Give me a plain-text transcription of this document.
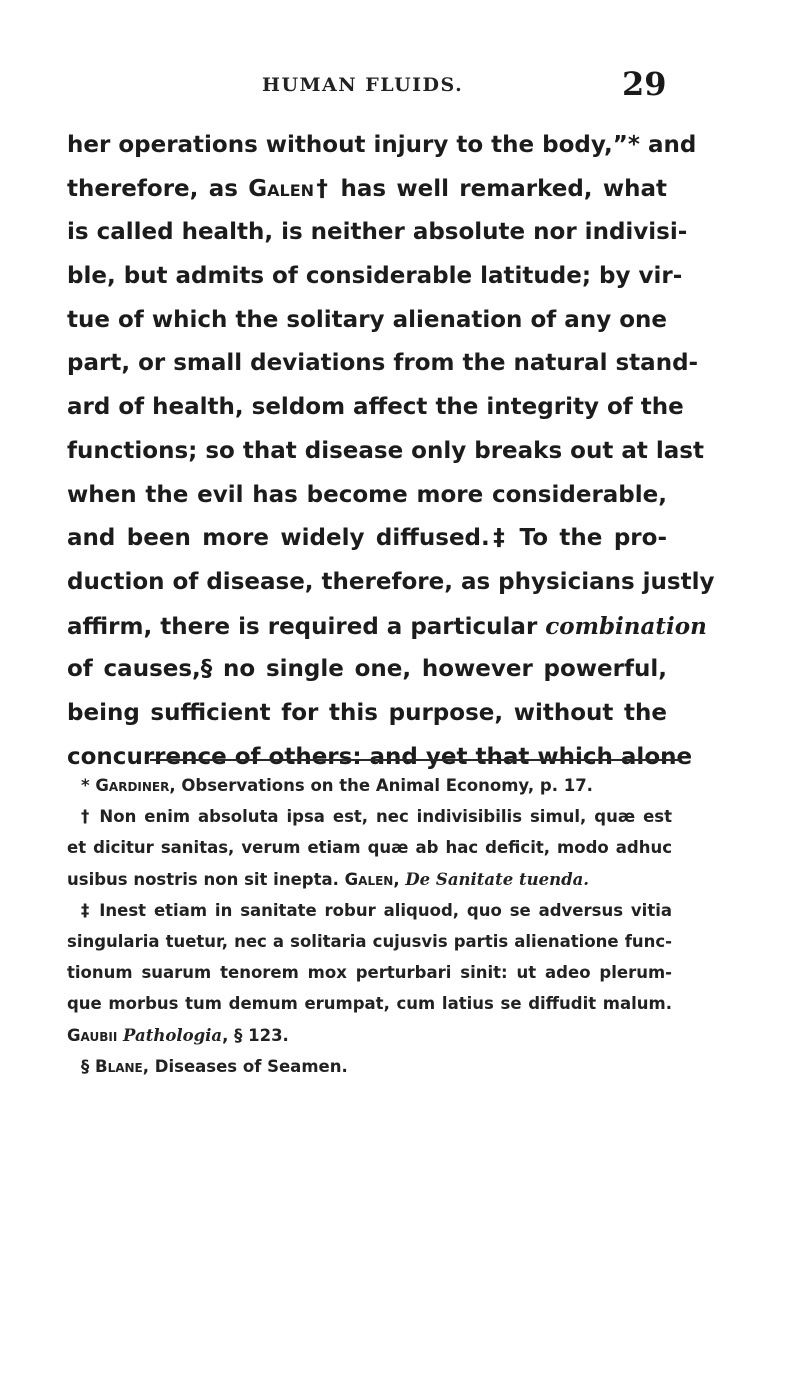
HUMAN FLUIDS.	29
her operations without injury to the body,”* and
therefore, as Galen† has well remarked, what
is called health, is neither absolute nor indivisi-
ble, but admits of considerable latitude; by vir-
tue of which the solitary alienation of any one
part, or small deviations from the natural stand-
ard of health, seldom affect the integrity of the
functions; so that disease only breaks out at last
when the evil has become more considerable,
and been more widely diffused.‡ To the pro-
duction of disease, therefore, as physicians justly
affirm, there is required a particular combination
of causes,§ no single one, however powerful,
being sufficient for this purpose, without the
concurrence of others: and yet that which alone
* Gardiner, Observations on the Animal Economy, p. 17.
† Non enim absoluta ipsa est, nec indivisibilis simul, quæ est
et dicitur sanitas, verum etiam quæ ab hac deficit, modo adhuc
usibus nostris non sit inepta. Galen, De Sanitate tuenda.
‡ Inest etiam in sanitate robur aliquod, quo se adversus vitia
singularia tuetur, nec a solitaria cujusvis partis alienatione func-
tionum suarum tenorem mox perturbari sinit: ut adeo plerum-
que morbus tum demum erumpat, cum latius se diffudit malum.
Gaubii Pathologia, § 123.
§ Blane, Diseases of Seamen.
